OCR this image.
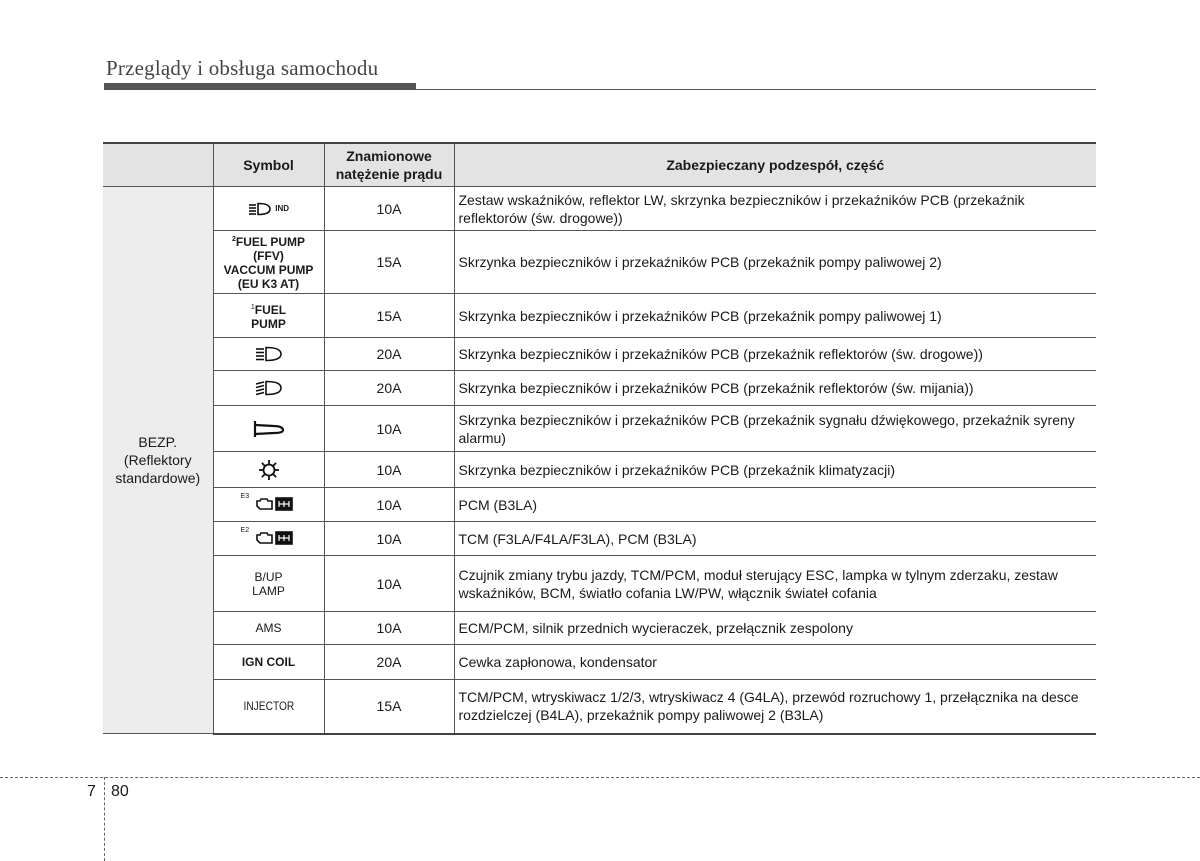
Przeglądy i obsługa samochodu
	Symbol	Znamionowe natężenie prądu	Zabezpieczany podzespół, część
BEZP. (Reflektory standardowe)	IND	10A	Zestaw wskaźników, reflektor LW, skrzynka bezpieczników i przekaźników PCB (przekaźnik reflektorów (św. drogowe))

	$^2$FUEL PUMP
(FFV)
VACCUM PUMP
(EU K3 AT)	15A	Skrzynka bezpieczników i przekaźników PCB (przekaźnik pompy paliwowej 2)

	$^1$FUEL
PUMP	15A	Skrzynka bezpieczników i przekaźników PCB (przekaźnik pompy paliwowej 1)
	20A	Skrzynka bezpieczników i przekaźników PCB (przekaźnik reflektorów (św. drogowe))
	20A	Skrzynka bezpieczników i przekaźników PCB (przekaźnik reflektorów (św. mijania))
	10A	Skrzynka bezpieczników i przekaźników PCB (przekaźnik sygnału dźwiękowego, przekaźnik syreny alarmu)
	10A	Skrzynka bezpieczników i przekaźników PCB (przekaźnik klimatyzacji)
	$^{E3}$	10A	PCM (B3LA)
	$^{E2}$	10A	TCM (F3LA/F4LA/F3LA), PCM (B3LA)

	B/UP
LAMP	10A	Czujnik zmiany trybu jazdy, TCM/PCM, moduł sterujący ESC, lampka w tylnym zderzaku, zestaw wskaźników, BCM, światło cofania LW/PW, włącznik świateł cofania
	AMS	10A	ECM/PCM, silnik przednich wycieraczek, przełącznik zespolony
	IGN COIL	20A	Cewka zapłonowa, kondensator
	INJECTOR	15A	TCM/PCM, wtryskiwacz 1/2/3, wtryskiwacz 4 (G4LA), przewód rozruchowy 1, przełącznika na desce rozdzielczej (B4LA), przekaźnik pompy paliwowej 2 (B3LA)
7 80
